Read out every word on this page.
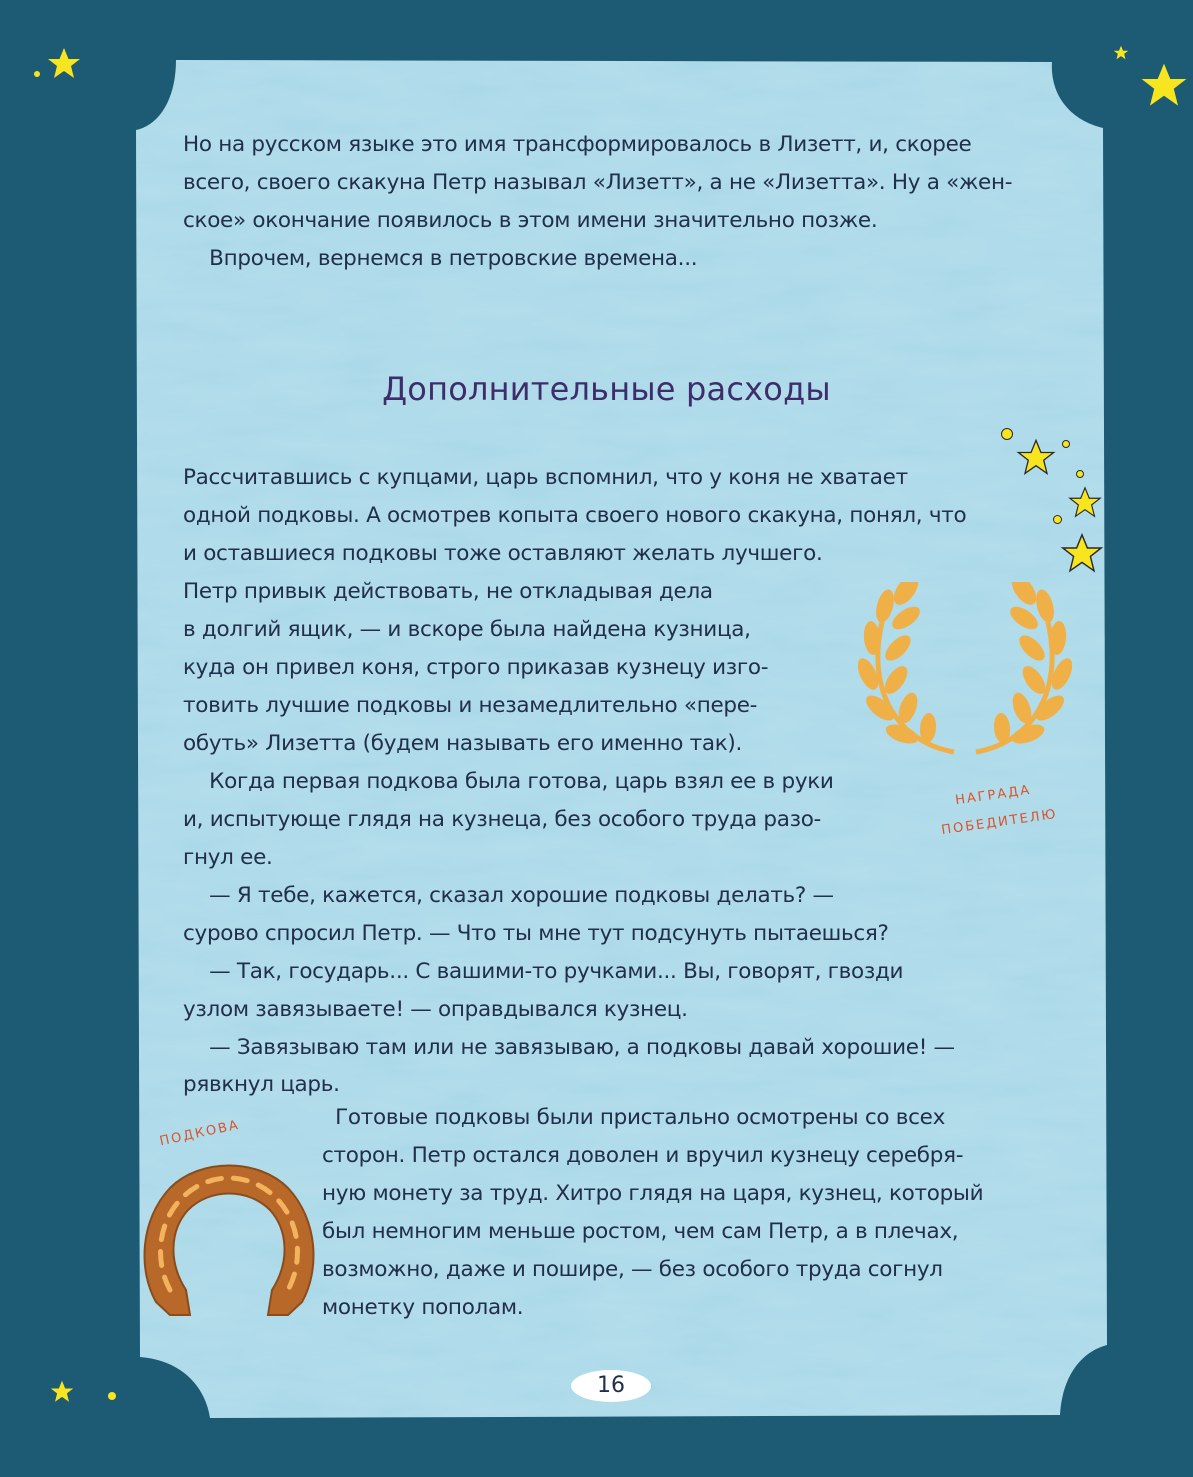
Но на русском языке это имя трансформировалось в Лизетт, и, скорее
всего, своего скакуна Петр называл «Лизетт», а не «Лизетта». Ну а «жен-
ское» окончание появилось в этом имени значительно позже.
Впрочем, вернемся в петровские времена...
Дополнительные расходы
Рассчитавшись с купцами, царь вспомнил, что у коня не хватает
одной подковы. А осмотрев копыта своего нового скакуна, понял, что
и оставшиеся подковы тоже оставляют желать лучшего.
Петр привык действовать, не откладывая дела
в долгий ящик, — и вскоре была найдена кузница,
куда он привел коня, строго приказав кузнецу изго-
товить лучшие подковы и незамедлительно «пере-
обуть» Лизетта (будем называть его именно так).
Когда первая подкова была готова, царь взял ее в руки
и, испытующе глядя на кузнеца, без особого труда разо-
гнул ее.
— Я тебе, кажется, сказал хорошие подковы делать? —
сурово спросил Петр. — Что ты мне тут подсунуть пытаешься?
— Так, государь... С вашими-то ручками... Вы, говорят, гвозди
узлом завязываете! — оправдывался кузнец.
— Завязываю там или не завязываю, а подковы давай хорошие! —
рявкнул царь.
Готовые подковы были пристально осмотрены со всех
сторон. Петр остался доволен и вручил кузнецу серебря-
ную монету за труд. Хитро глядя на царя, кузнец, который
был немногим меньше ростом, чем сам Петр, а в плечах,
возможно, даже и пошире, — без особого труда согнул
монетку пополам.
НАГРАДА
ПОБЕДИТЕЛЮ
ПОДКОВА
16
